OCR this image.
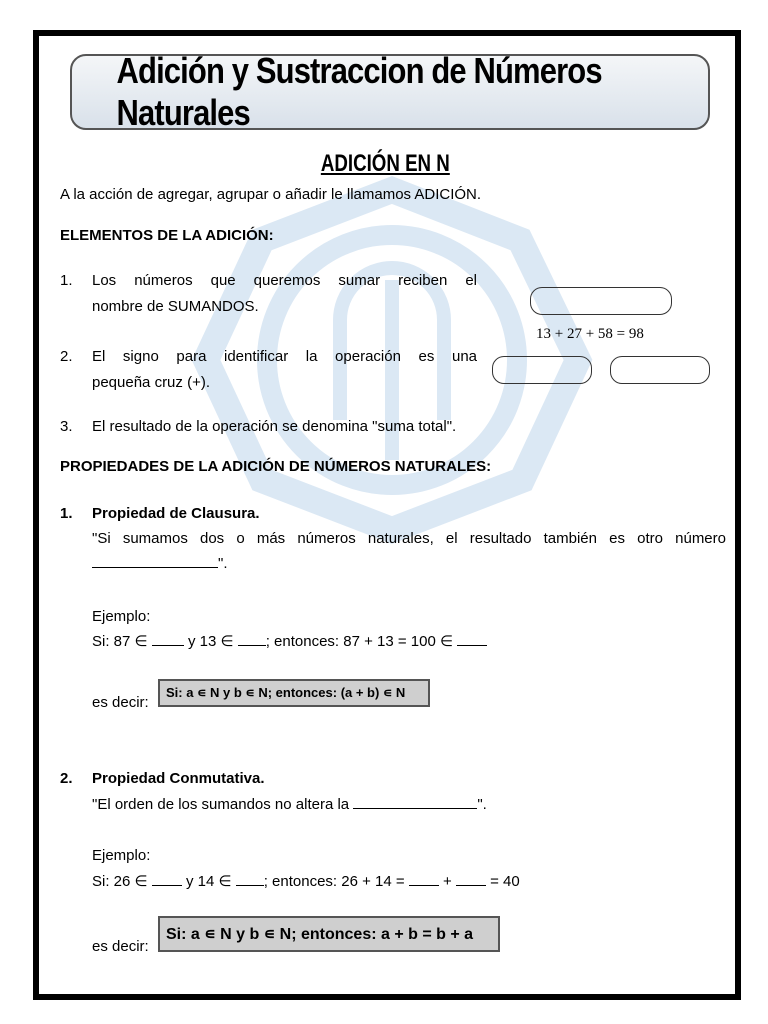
Adición y Sustraccion de Números Naturales
ADICIÓN EN N
A la acción de agregar, agrupar o añadir le llamamos ADICIÓN.
ELEMENTOS DE LA ADICIÓN:
1. Los números que queremos sumar reciben el
nombre de SUMANDOS.
2. El signo para identificar la operación es una
pequeña cruz (+).
3. El resultado de la operación se denomina "suma total".
13 + 27 + 58 = 98
PROPIEDADES DE LA ADICIÓN DE NÚMEROS NATURALES:
1. Propiedad de Clausura.
"Si sumamos dos o más números naturales, el resultado también es otro número
".
Ejemplo:
Si: 87 ∈	y 13 ∈ ; entonces: 87 + 13 = 100 ∈
es decir:
Si: a ∊ N y b ∊ N; entonces: (a + b) ∊ N
2. Propiedad Conmutativa.
"El orden de los sumandos no altera la	".
Ejemplo:
Si: 26 ∈	y 14 ∈ ; entonces: 26 + 14 =	+	= 40
es decir:
Si: a ∊ N y b ∊ N; entonces: a + b = b + a
